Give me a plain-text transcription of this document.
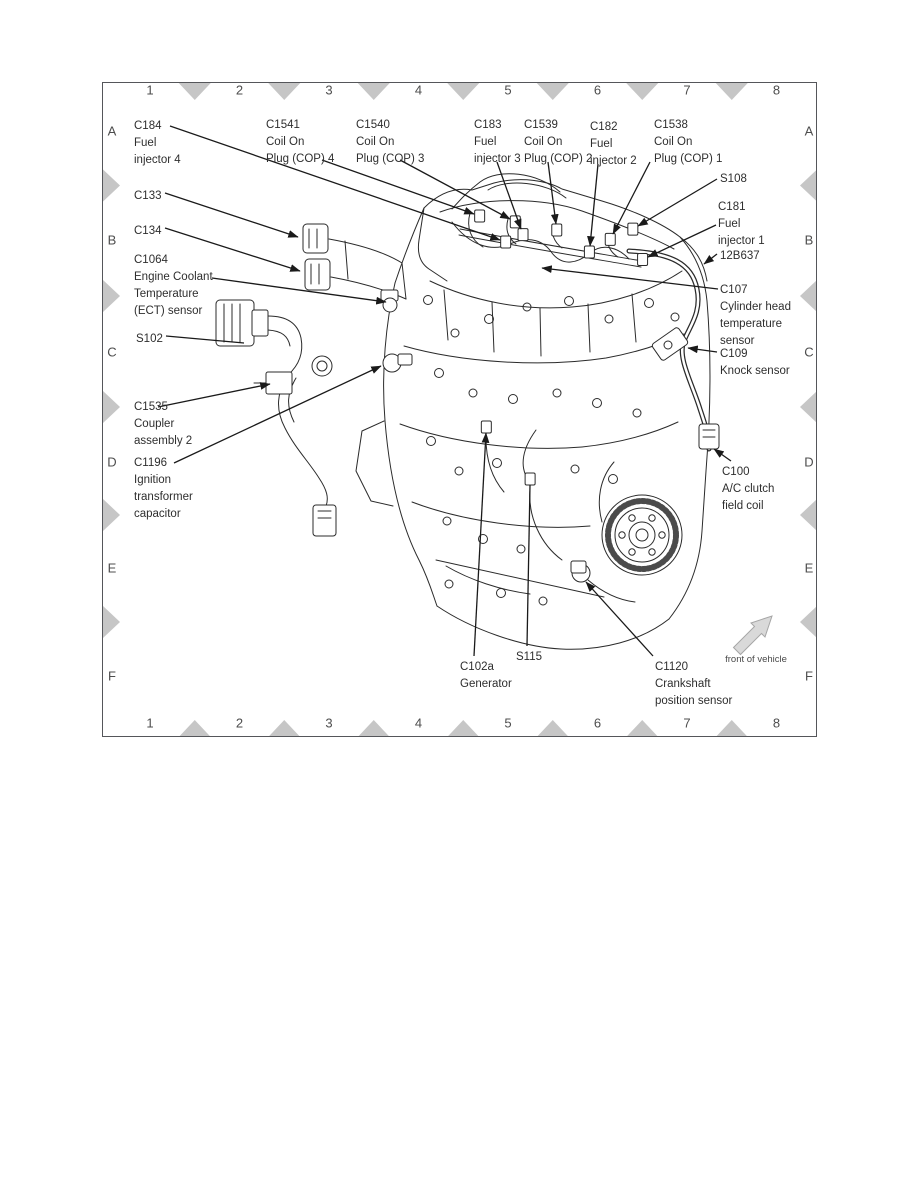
1
1
2
2
3
3
4
4
5
5
6
6
7
7
8
8
A	A
B	B
C	C
D	D
E	E
F	F
C184
Fuel
injector 4
C1541
Coil On
Plug (COP) 4
C1540
Coil On
Plug (COP) 3
C183
Fuel
injector 3
C1539
Coil On
Plug (COP) 2
C182
Fuel
injector 2
C1538
Coil On
Plug (COP) 1
S108
C181
Fuel
injector 1
12B637
C107
Cylinder head
temperature
sensor
C109
Knock sensor
C100
A/C clutch
field coil
C133
C134
C1064
Engine Coolant
Temperature
(ECT) sensor
S102
C1535
Coupler
assembly 2
C1196
Ignition
transformer
capacitor
C102a
Generator
S115
C1120
Crankshaft
position sensor
front of vehicle
